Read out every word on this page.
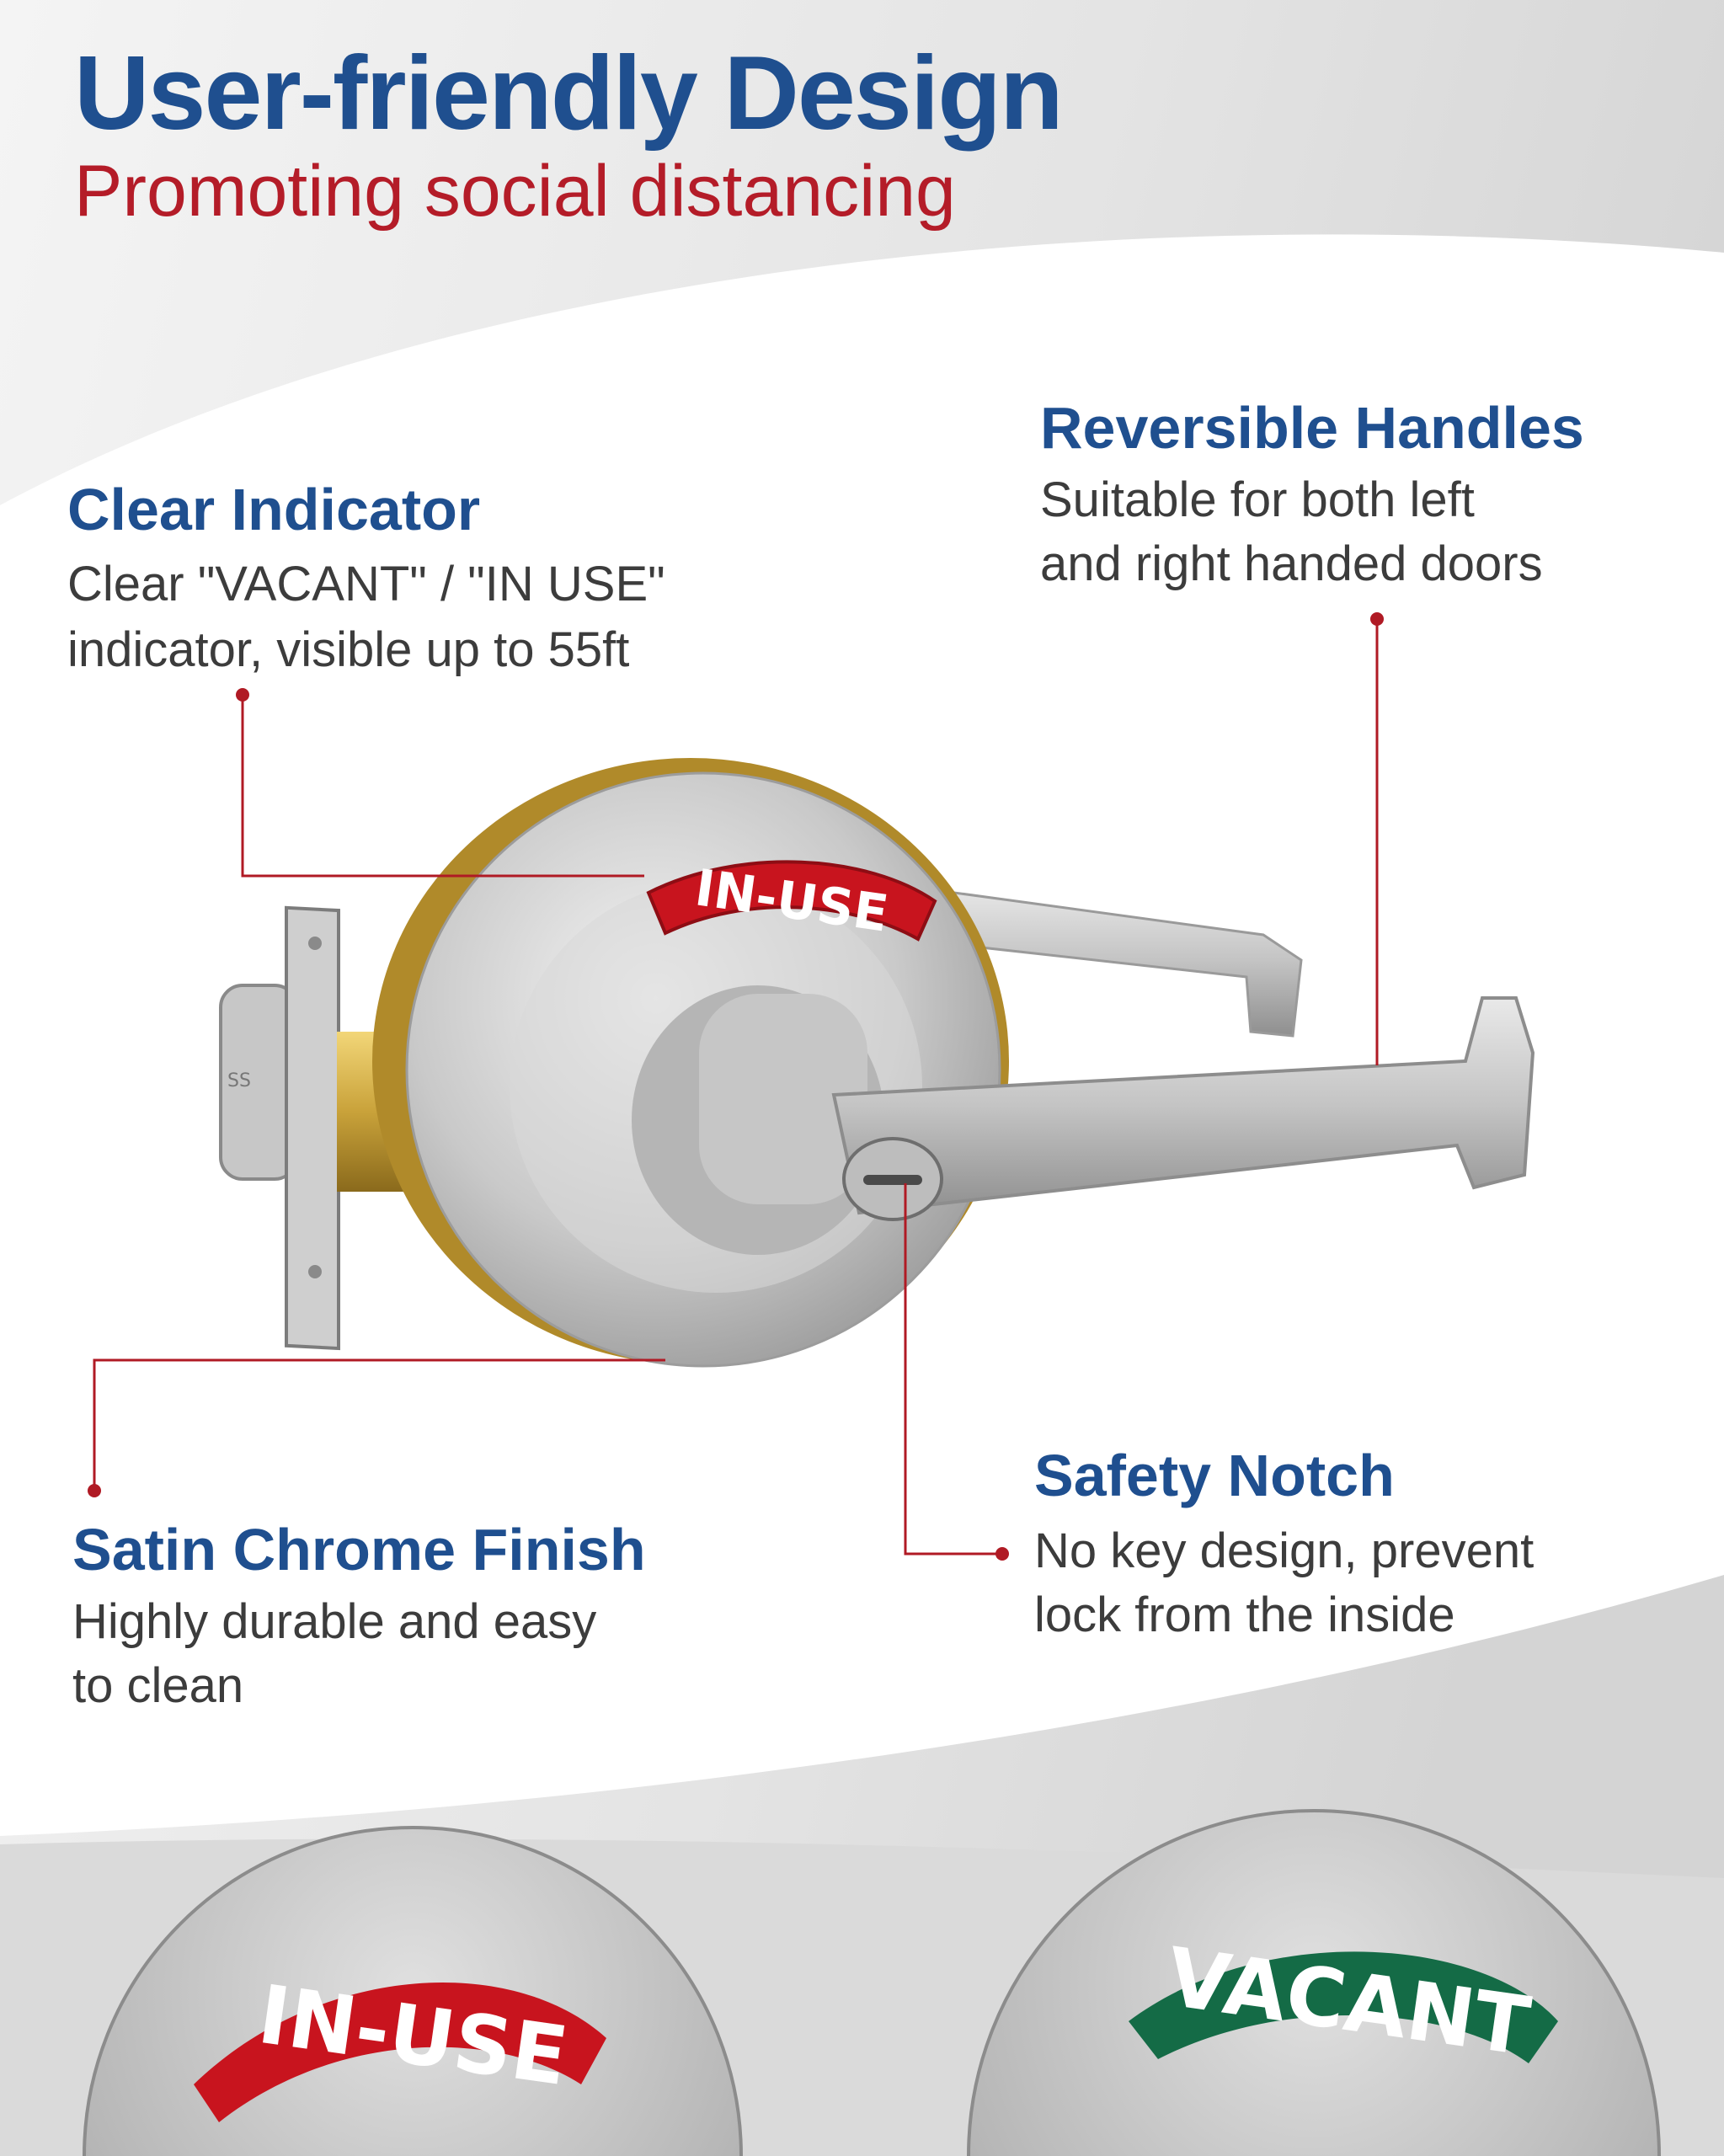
SS
IN-USE
IN-USE	VACANT
User-friendly Design
Promoting social distancing
Clear Indicator
Clear "VACANT" / "IN USE"
indicator, visible up to 55ft
Reversible Handles
Suitable for both left
and right handed doors
Satin Chrome Finish
Highly durable and easy
to clean
Safety Notch
No key design, prevent
lock from the inside
